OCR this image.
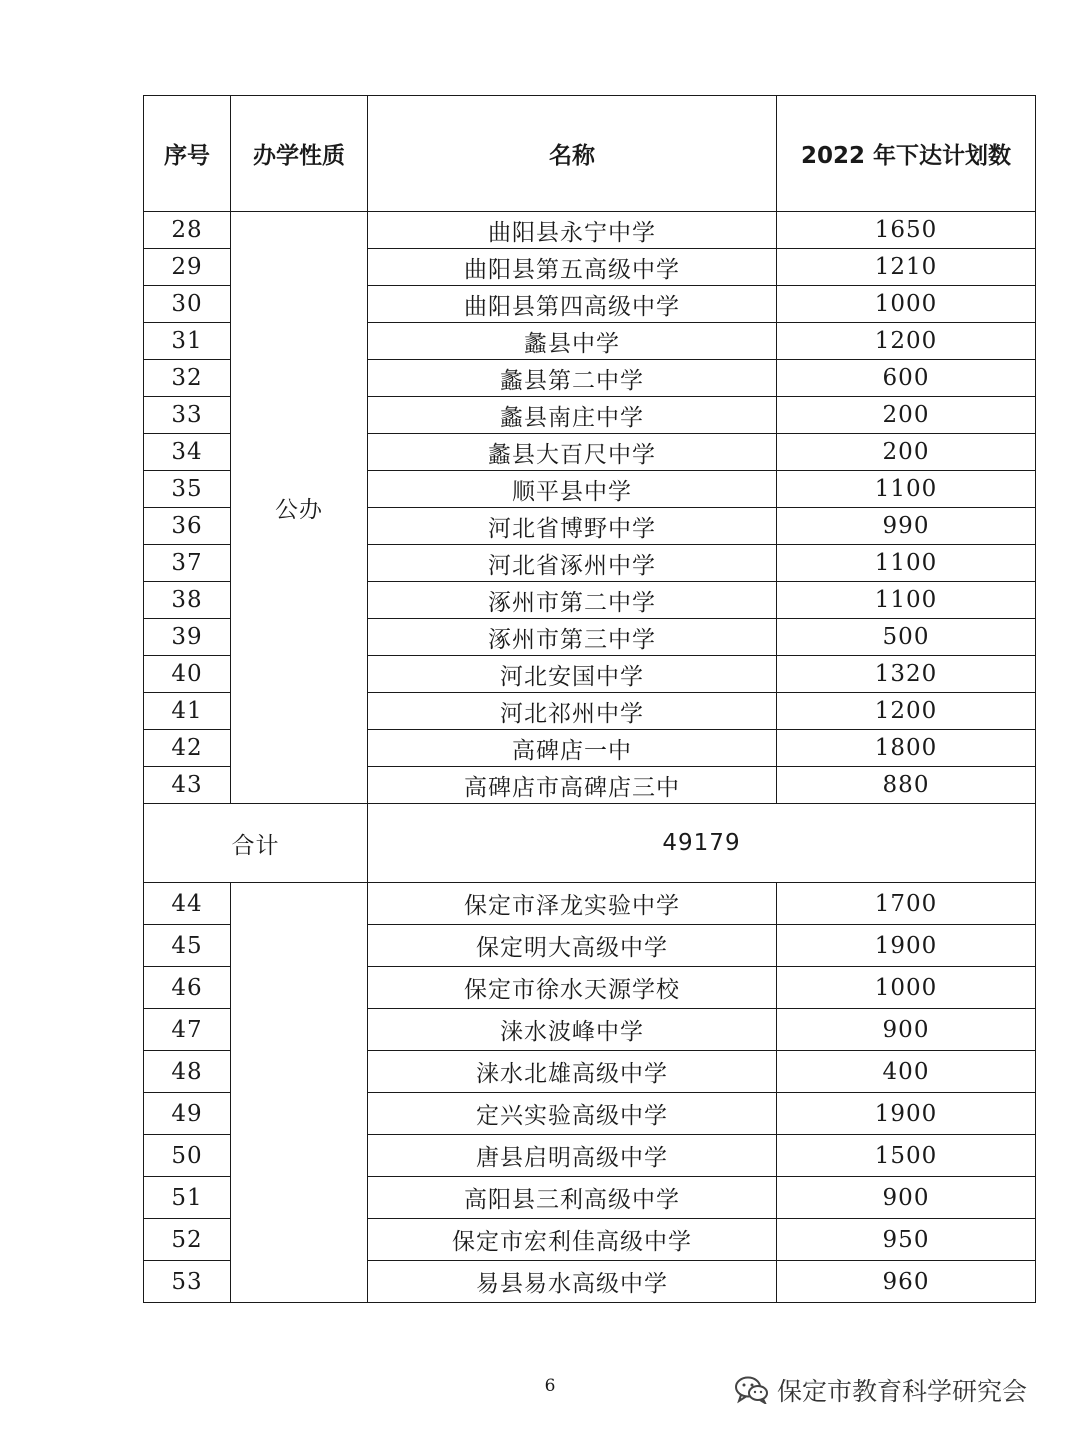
序号	办学性质	名称	2022 年下达计划数
28	公办	曲阳县永宁中学	1650
29		曲阳县第五高级中学	1210
30		曲阳县第四高级中学	1000
31		蠡县中学	1200
32		蠡县第二中学	600
33		蠡县南庄中学	200
34		蠡县大百尺中学	200
35		顺平县中学	1100
36		河北省博野中学	990
37		河北省涿州中学	1100
38		涿州市第二中学	1100
39		涿州市第三中学	500
40		河北安国中学	1320
41		河北祁州中学	1200
42		高碑店一中	1800
43		高碑店市高碑店三中	880
合计		49179	
44		保定市泽龙实验中学	1700
45		保定明大高级中学	1900
46		保定市徐水天源学校	1000
47		涞水波峰中学	900
48		涞水北雄高级中学	400
49		定兴实验高级中学	1900
50		唐县启明高级中学	1500
51		高阳县三利高级中学	900
52		保定市宏利佳高级中学	950
53		易县易水高级中学	960
6	保定市教育科学研究会
